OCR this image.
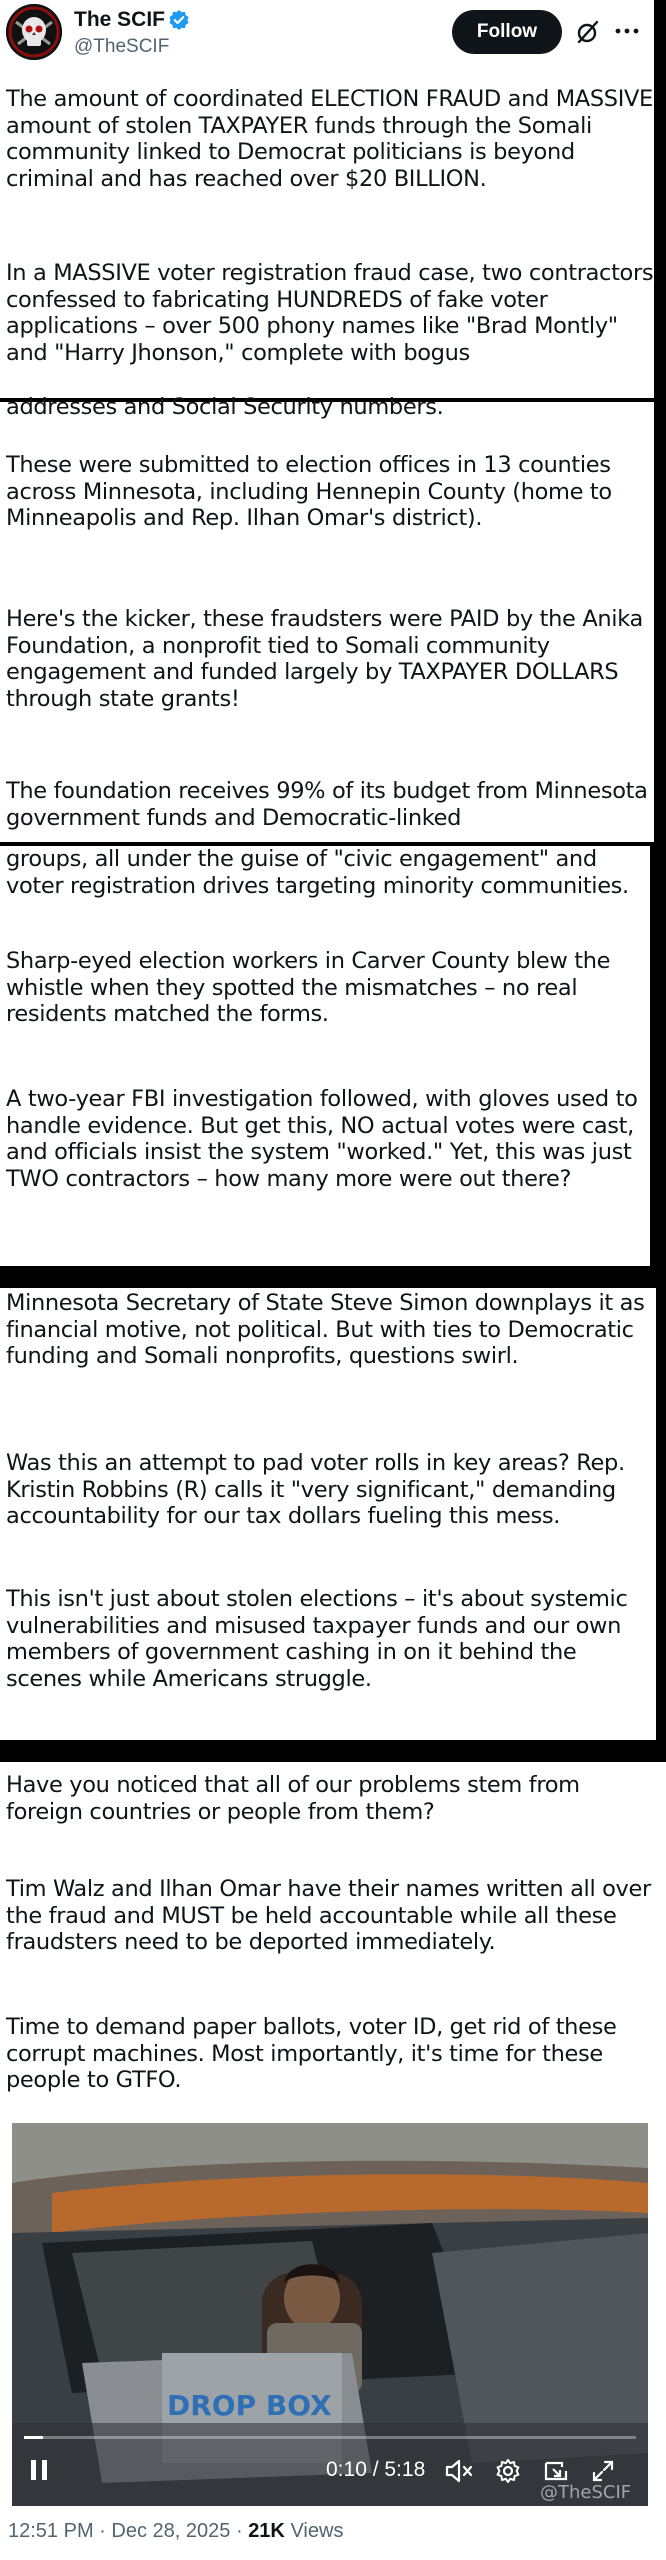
The SCIF
@TheSCIF
Follow

The amount of coordinated ELECTION FRAUD and MASSIVE amount of stolen TAXPAYER funds through the Somali community linked to Democrat politicians is beyond criminal and has reached over $20 BILLION.

In a MASSIVE voter registration fraud case, two contractors confessed to fabricating HUNDREDS of fake voter applications – over 500 phony names like "Brad Montly" and "Harry Jhonson," complete with bogus

addresses and Social Security numbers.

These were submitted to election offices in 13 counties across Minnesota, including Hennepin County (home to Minneapolis and Rep. Ilhan Omar's district).

Here's the kicker, these fraudsters were PAID by the Anika Foundation, a nonprofit tied to Somali community engagement and funded largely by TAXPAYER DOLLARS through state grants!

The foundation receives 99% of its budget from Minnesota government funds and Democratic-linked

groups, all under the guise of "civic engagement" and voter registration drives targeting minority communities.

Sharp-eyed election workers in Carver County blew the whistle when they spotted the mismatches – no real residents matched the forms.

A two-year FBI investigation followed, with gloves used to handle evidence. But get this, NO actual votes were cast, and officials insist the system "worked." Yet, this was just TWO contractors – how many more were out there?

Minnesota Secretary of State Steve Simon downplays it as financial motive, not political. But with ties to Democratic funding and Somali nonprofits, questions swirl.

Was this an attempt to pad voter rolls in key areas? Rep. Kristin Robbins (R) calls it "very significant," demanding accountability for our tax dollars fueling this mess.

This isn't just about stolen elections – it's about systemic vulnerabilities and misused taxpayer funds and our own members of government cashing in on it behind the scenes while Americans struggle.

Have you noticed that all of our problems stem from foreign countries or people from them?

Tim Walz and Ilhan Omar have their names written all over the fraud and MUST be held accountable while all these fraudsters need to be deported immediately.

Time to demand paper ballots, voter ID, get rid of these corrupt machines. Most importantly, it's time for these people to GTFO.

DROP BOX
0:10 / 5:18
@TheSCIF
12:51 PM · Dec 28, 2025 · 21K Views
